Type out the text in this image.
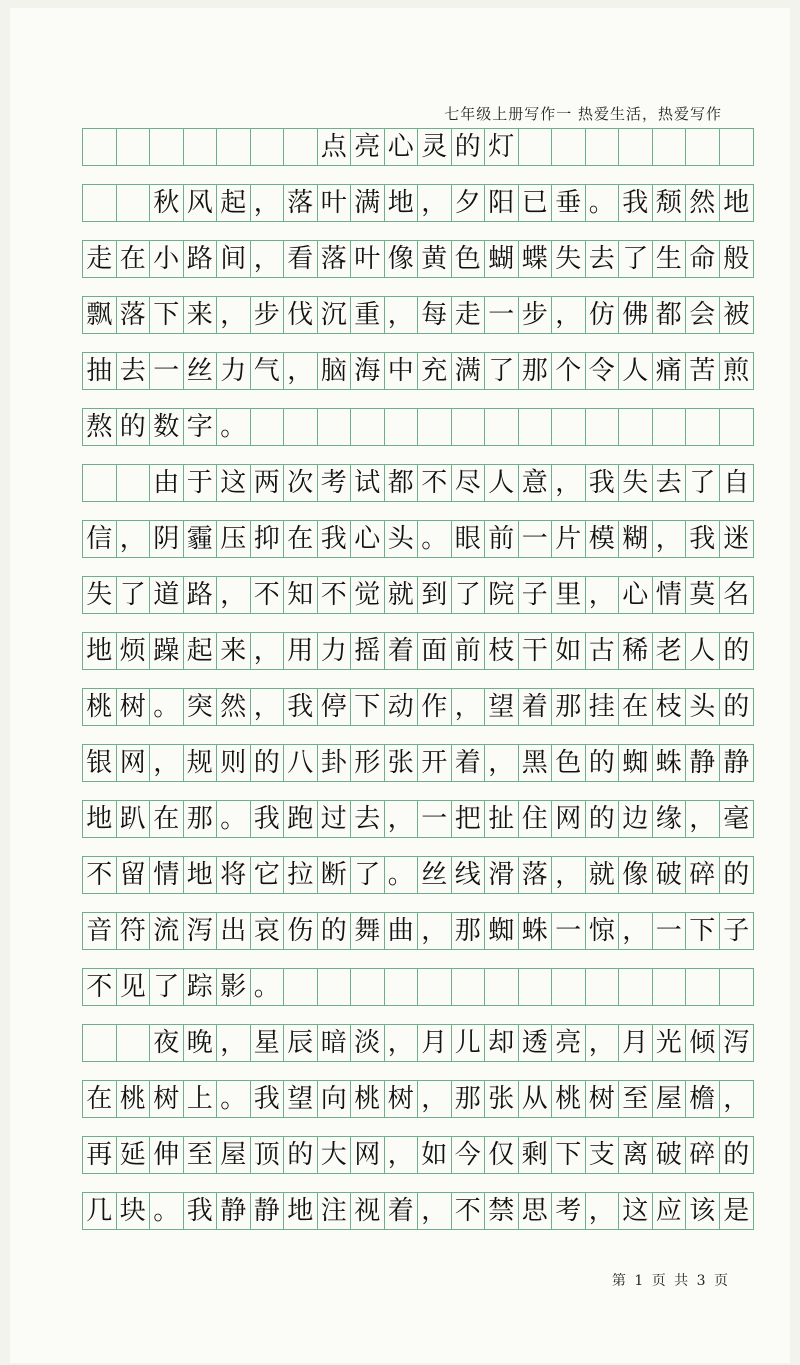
七年级上册写作一 热爱生活，热爱写作
点 亮 心 灵 的 灯
秋 风 起 ， 落 叶 满 地 ， 夕 阳 已 垂 。 我 颓 然 地
走 在 小 路 间 ， 看 落 叶 像 黄 色 蝴 蝶 失 去 了 生 命 般
飘 落 下 来 ， 步 伐 沉 重 ， 每 走 一 步 ， 仿 佛 都 会 被
抽 去 一 丝 力 气 ， 脑 海 中 充 满 了 那 个 令 人 痛 苦 煎
熬 的 数 字 。
由 于 这 两 次 考 试 都 不 尽 人 意 ， 我 失 去 了 自
信 ， 阴 霾 压 抑 在 我 心 头 。 眼 前 一 片 模 糊 ， 我 迷
失 了 道 路 ， 不 知 不 觉 就 到 了 院 子 里 ， 心 情 莫 名
地 烦 躁 起 来 ， 用 力 摇 着 面 前 枝 干 如 古 稀 老 人 的
桃 树 。 突 然 ， 我 停 下 动 作 ， 望 着 那 挂 在 枝 头 的
银 网 ， 规 则 的 八 卦 形 张 开 着 ， 黑 色 的 蜘 蛛 静 静
地 趴 在 那 。 我 跑 过 去 ， 一 把 扯 住 网 的 边 缘 ， 毫
不 留 情 地 将 它 拉 断 了 。 丝 线 滑 落 ， 就 像 破 碎 的
音 符 流 泻 出 哀 伤 的 舞 曲 ， 那 蜘 蛛 一 惊 ， 一 下 子
不 见 了 踪 影 。
夜 晚 ， 星 辰 暗 淡 ， 月 儿 却 透 亮 ， 月 光 倾 泻
在 桃 树 上 。 我 望 向 桃 树 ， 那 张 从 桃 树 至 屋 檐 ，
再 延 伸 至 屋 顶 的 大 网 ， 如 今 仅 剩 下 支 离 破 碎 的
几 块 。 我 静 静 地 注 视 着 ， 不 禁 思 考 ， 这 应 该 是
第 1 页 共 3 页
